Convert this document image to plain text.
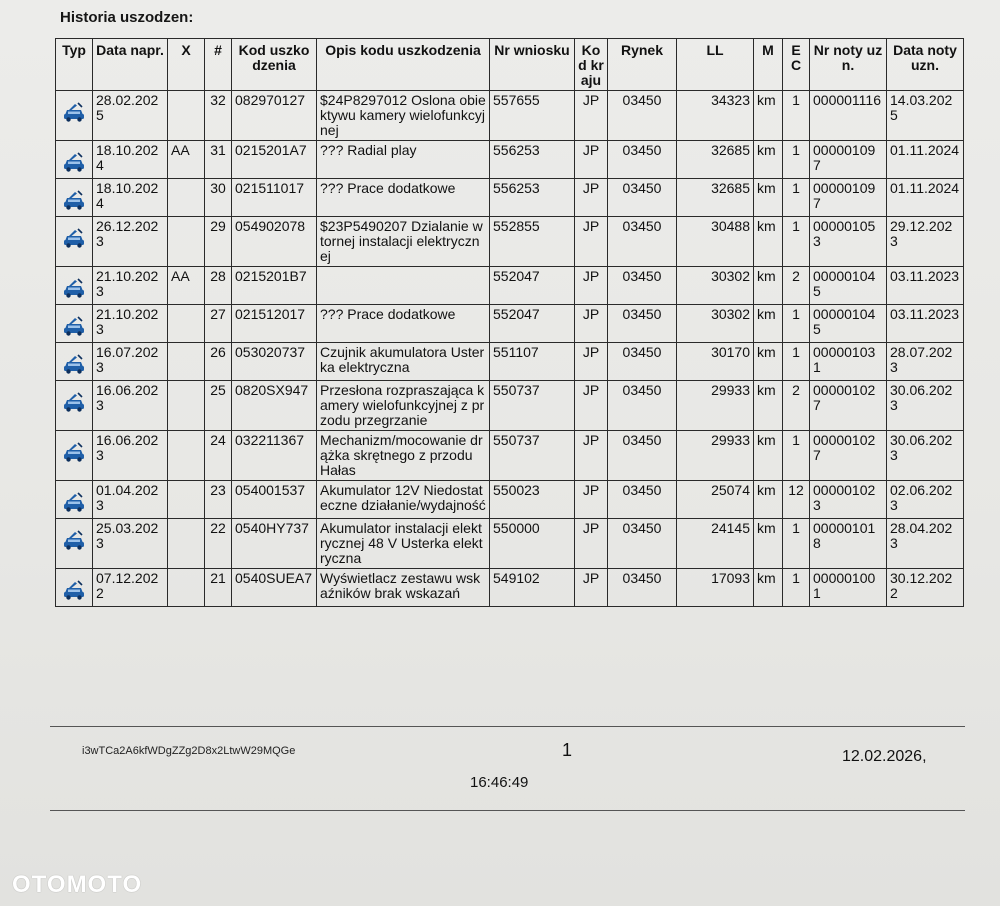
Historia uszodzen:
Typ	Data napr.	X	#	Kod uszkodzenia	Opis kodu uszkodzenia	Nr wniosku	Kod kraju	Rynek	LL	M	E C	Nr noty uzn.	Data noty uzn.
	28.02.2025		32	082970127	$24P8297012 Oslona obiektywu kamery wielofunkcyjnej	557655	JP	03450	34323	km	1	000001116	14.03.2025
	18.10.2024	AA	31	0215201A7	??? Radial play	556253	JP	03450	32685	km	1	000001097	01.11.2024
	18.10.2024		30	021511017	??? Prace dodatkowe	556253	JP	03450	32685	km	1	000001097	01.11.2024
	26.12.2023		29	054902078	$23P5490207 Dzialanie wtornej instalacji elektrycznej	552855	JP	03450	30488	km	1	000001053	29.12.2023
	21.10.2023	AA	28	0215201B7		552047	JP	03450	30302	km	2	000001045	03.11.2023
	21.10.2023		27	021512017	??? Prace dodatkowe	552047	JP	03450	30302	km	1	000001045	03.11.2023
	16.07.2023		26	053020737	Czujnik akumulatora Usterka elektryczna	551107	JP	03450	30170	km	1	000001031	28.07.2023
	16.06.2023		25	0820SX947	Przesłona rozpraszająca kamery wielofunkcyjnej z przodu przegrzanie	550737	JP	03450	29933	km	2	000001027	30.06.2023
	16.06.2023		24	032211367	Mechanizm/mocowanie drążka skrętnego z przodu Hałas	550737	JP	03450	29933	km	1	000001027	30.06.2023
	01.04.2023		23	054001537	Akumulator 12V Niedostateczne działanie/wydajność	550023	JP	03450	25074	km	12	000001023	02.06.2023
	25.03.2023		22	0540HY737	Akumulator instalacji elektrycznej 48 V Usterka elektryczna	550000	JP	03450	24145	km	1	000001018	28.04.2023
	07.12.2022		21	0540SUEA7	Wyświetlacz zestawu wskaźników brak wskazań	549102	JP	03450	17093	km	1	000001001	30.12.2022
i3wTCa2A6kfWDgZZg2D8x2LtwW29MQGe	1	12.02.2026,
16:46:49
OTOMOTO
